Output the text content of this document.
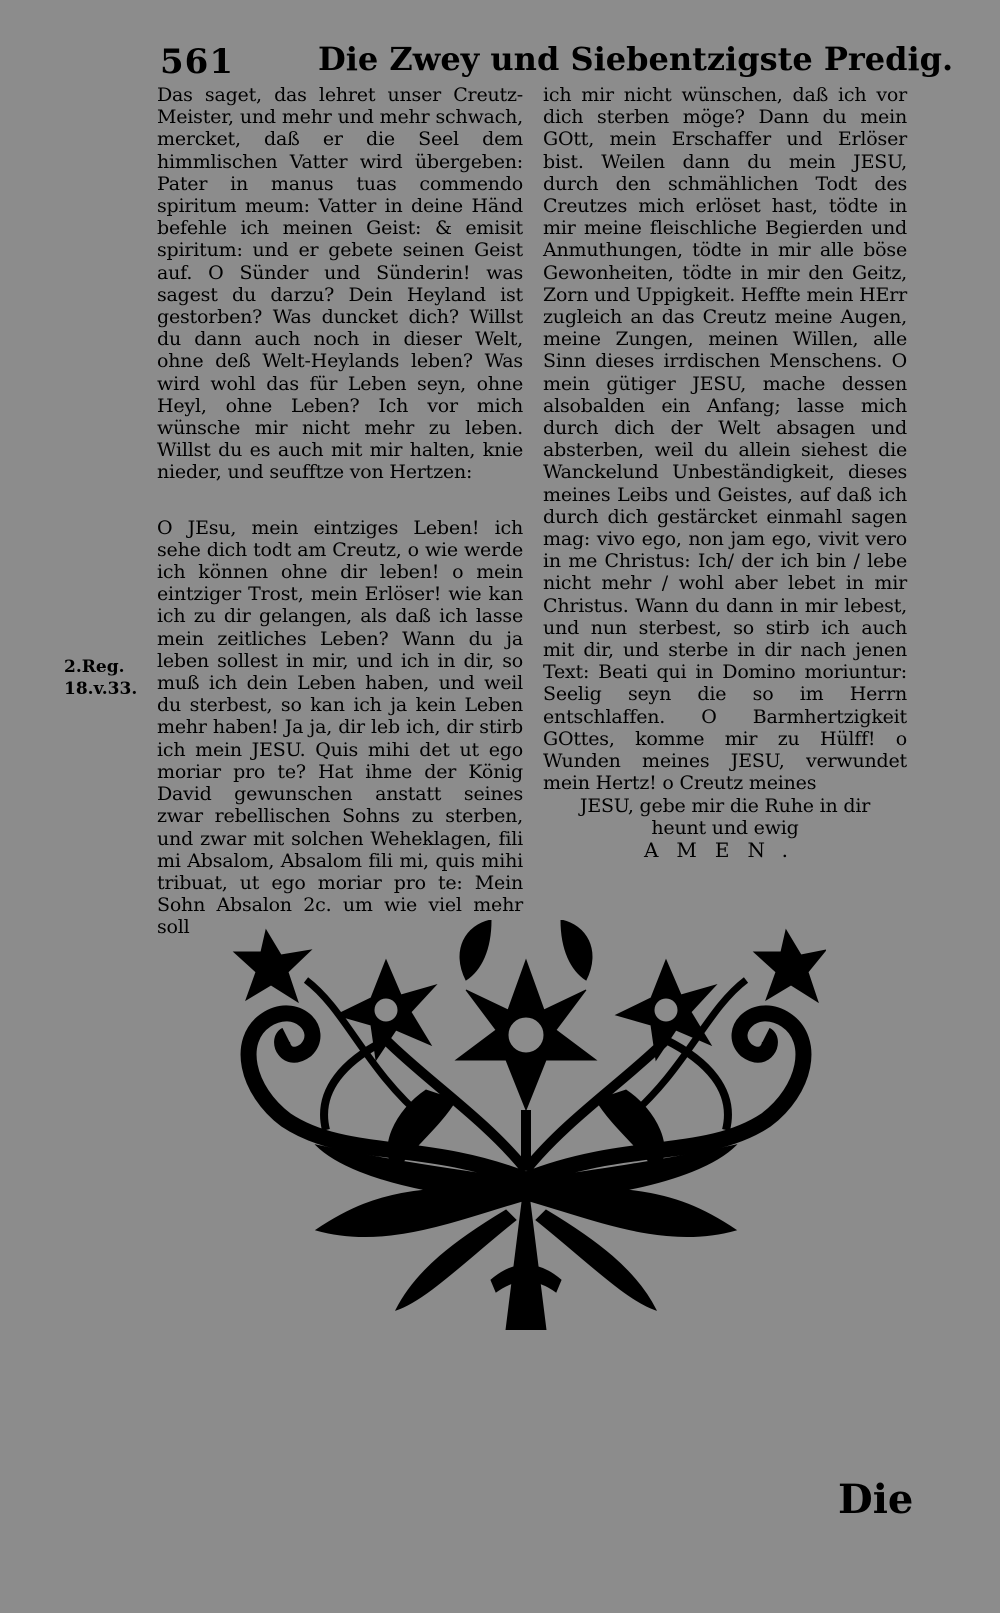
561	Die Zwey und Siebentzigste Predig.

Das saget, das lehret unser Creutz-Meister, und mehr und mehr schwach, mercket, daß er die Seel dem himmlischen Vatter wird übergeben: Pater in manus tuas commendo spiritum meum: Vatter in deine Händ befehle ich meinen Geist: & emisit spiritum: und er gebete seinen Geist auf. O Sünder und Sünderin! was sagest du darzu? Dein Heyland ist gestorben? Was duncket dich? Willst du dann auch noch in dieser Welt, ohne deß Welt-Heylands leben? Was wird wohl das für Leben seyn, ohne Heyl, ohne Leben? Ich vor mich wünsche mir nicht mehr zu leben. Willst du es auch mit mir halten, knie nieder, und seufftze von Hertzen:

O JEsu, mein eintziges Leben! ich sehe dich todt am Creutz, o wie werde ich können ohne dir leben! o mein eintziger Trost, mein Erlöser! wie kan ich zu dir gelangen, als daß ich lasse mein zeitliches Leben? Wann du ja leben sollest in mir, und ich in dir, so muß ich dein Leben haben, und weil du sterbest, so kan ich ja kein Leben mehr haben! Ja ja, dir leb ich, dir stirb ich mein JESU. Quis mihi det ut ego moriar pro te? Hat ihme der König David gewunschen anstatt seines zwar rebellischen Sohns zu sterben, und zwar mit solchen Weheklagen, fili mi Absalom, Absalom fili mi, quis mihi tribuat, ut ego moriar pro te: Mein Sohn Absalon 2c. um wie viel mehr soll

2.Reg.
18.v.33.

ich mir nicht wünschen, daß ich vor dich sterben möge? Dann du mein GOtt, mein Erschaffer und Erlöser bist. Weilen dann du mein JESU, durch den schmählichen Todt des Creutzes mich erlöset hast, tödte in mir meine fleischliche Begierden und Anmuthungen, tödte in mir alle böse Gewonheiten, tödte in mir den Geitz, Zorn und Uppigkeit. Heffte mein HErr zugleich an das Creutz meine Augen, meine Zungen, meinen Willen, alle Sinn dieses irrdischen Menschens. O mein gütiger JESU, mache dessen alsobalden ein Anfang; lasse mich durch dich der Welt absagen und absterben, weil du allein siehest die Wanckelund Unbeständigkeit, dieses meines Leibs und Geistes, auf daß ich durch dich gestärcket einmahl sagen mag: vivo ego, non jam ego, vivit vero in me Christus: Ich/ der ich bin / lebe nicht mehr / wohl aber lebet in mir Christus. Wann du dann in mir lebest, und nun sterbest, so stirb ich auch mit dir, und sterbe in dir nach jenen Text: Beati qui in Domino moriuntur: Seelig seyn die so im Herrn entschlaffen. O Barmhertzigkeit GOttes, komme mir zu Hülff! o Wunden meines JESU, verwundet mein Hertz! o Creutz meines

JESU, gebe mir die Ruhe in dir

heunt und ewig

AMEN.

Die
